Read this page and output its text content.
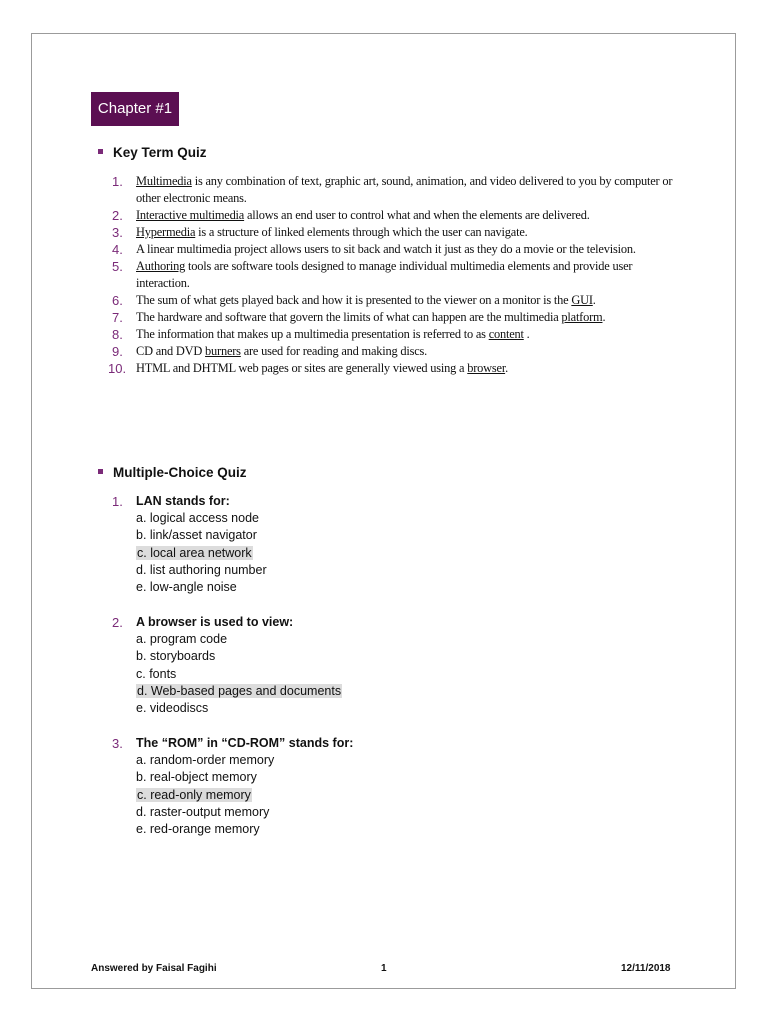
Chapter #1
Key Term Quiz
1.	Multimedia is any combination of text, graphic art, sound, animation, and video delivered to you by computer or other electronic means.
2.	Interactive multimedia allows an end user to control what and when the elements are delivered.
3.	Hypermedia is a structure of linked elements through which the user can navigate.
4.	A linear multimedia project allows users to sit back and watch it just as they do a movie or the television.
5.	Authoring tools are software tools designed to manage individual multimedia elements and provide user interaction.
6.	The sum of what gets played back and how it is presented to the viewer on a monitor is the GUI.
7.	The hardware and software that govern the limits of what can happen are the multimedia platform.
8.	The information that makes up a multimedia presentation is referred to as content .
9.	CD and DVD burners are used for reading and making discs.
10. HTML and DHTML web pages or sites are generally viewed using a browser.
Multiple-Choice Quiz
1. LAN stands for:
a. logical access node
b. link/asset navigator
c. local area network
d. list authoring number
e. low-angle noise
2. A browser is used to view:
a. program code
b. storyboards
c. fonts
d. Web-based pages and documents
e. videodiscs
3. The “ROM” in “CD-ROM” stands for:
a. random-order memory
b. real-object memory
c. read-only memory
d. raster-output memory
e. red-orange memory
Answered by Faisal Fagihi	1	12/11/2018
